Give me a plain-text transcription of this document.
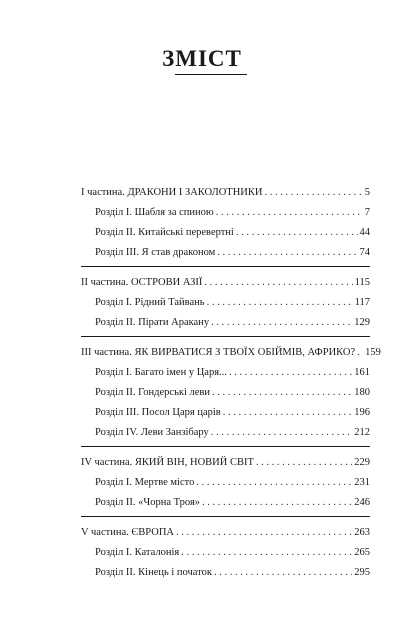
ЗМІСТ
I частина. ДРАКОНИ І ЗАКОЛОТНИКИ . . .	5
Розділ I. Шабля за спиною . . .	7
Розділ II. Китайські перевертні . . .	44
Розділ III. Я став драконом . . .	74
II частина. ОСТРОВИ АЗІЇ . . .	115
Розділ I. Рідний Тайвань . . .	117
Розділ II. Пірати Аракану . . .	129
III частина. ЯК ВИРВАТИСЯ З ТВОЇХ ОБІЙМІВ, АФРИКО? . . . 159
Розділ I. Багато імен у Царя... . . .	161
Розділ II. Гондерські леви . . .	180
Розділ III. Посол Царя царів . . .	196
Розділ IV. Леви Занзібару . . .	212
IV частина. ЯКИЙ ВІН, НОВИЙ СВІТ . . .	229
Розділ I. Мертве місто . . .	231
Розділ II. «Чорна Троя» . . .	246
V частина. ЄВРОПА . . .	263
Розділ I. Каталонія . . .	265
Розділ II. Кінець і початок . . .	295
